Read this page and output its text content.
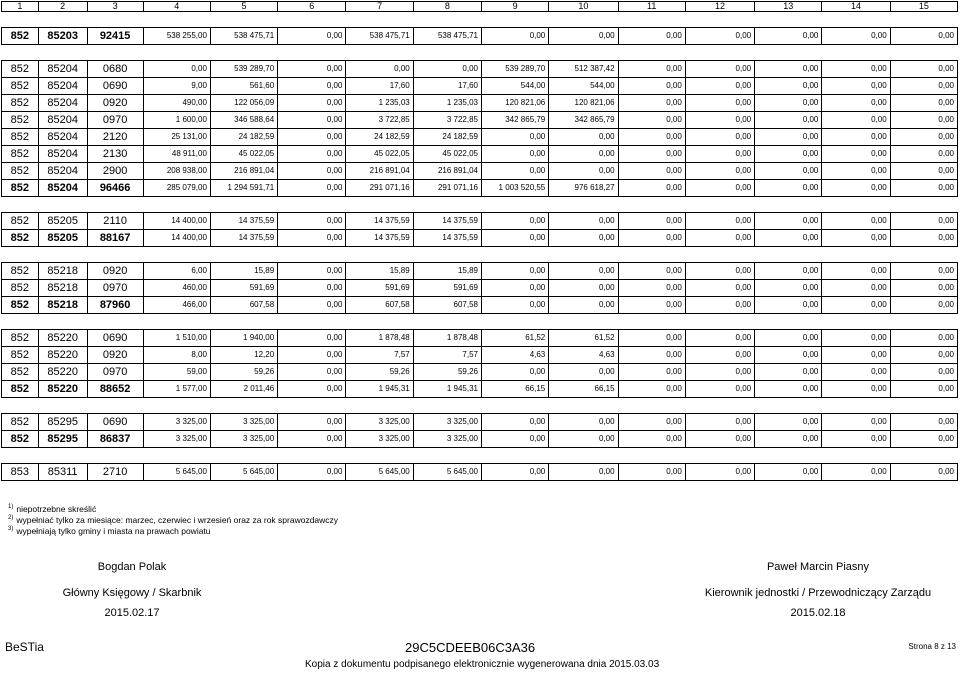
1	2	3	4	5	6	7	8	9	10	11	12	13	14	15

852	85203	92415	538 255,00	538 475,71	0,00	538 475,71	538 475,71	0,00	0,00	0,00	0,00	0,00	0,00	0,00

852	85204	0680	0,00	539 289,70	0,00	0,00	0,00	539 289,70	512 387,42	0,00	0,00	0,00	0,00	0,00
852	85204	0690	9,00	561,60	0,00	17,60	17,60	544,00	544,00	0,00	0,00	0,00	0,00	0,00
852	85204	0920	490,00	122 056,09	0,00	1 235,03	1 235,03	120 821,06	120 821,06	0,00	0,00	0,00	0,00	0,00
852	85204	0970	1 600,00	346 588,64	0,00	3 722,85	3 722,85	342 865,79	342 865,79	0,00	0,00	0,00	0,00	0,00
852	85204	2120	25 131,00	24 182,59	0,00	24 182,59	24 182,59	0,00	0,00	0,00	0,00	0,00	0,00	0,00
852	85204	2130	48 911,00	45 022,05	0,00	45 022,05	45 022,05	0,00	0,00	0,00	0,00	0,00	0,00	0,00
852	85204	2900	208 938,00	216 891,04	0,00	216 891,04	216 891,04	0,00	0,00	0,00	0,00	0,00	0,00	0,00
852	85204	96466	285 079,00	1 294 591,71	0,00	291 071,16	291 071,16	1 003 520,55	976 618,27	0,00	0,00	0,00	0,00	0,00

852	85205	2110	14 400,00	14 375,59	0,00	14 375,59	14 375,59	0,00	0,00	0,00	0,00	0,00	0,00	0,00
852	85205	88167	14 400,00	14 375,59	0,00	14 375,59	14 375,59	0,00	0,00	0,00	0,00	0,00	0,00	0,00

852	85218	0920	6,00	15,89	0,00	15,89	15,89	0,00	0,00	0,00	0,00	0,00	0,00	0,00
852	85218	0970	460,00	591,69	0,00	591,69	591,69	0,00	0,00	0,00	0,00	0,00	0,00	0,00
852	85218	87960	466,00	607,58	0,00	607,58	607,58	0,00	0,00	0,00	0,00	0,00	0,00	0,00

852	85220	0690	1 510,00	1 940,00	0,00	1 878,48	1 878,48	61,52	61,52	0,00	0,00	0,00	0,00	0,00
852	85220	0920	8,00	12,20	0,00	7,57	7,57	4,63	4,63	0,00	0,00	0,00	0,00	0,00
852	85220	0970	59,00	59,26	0,00	59,26	59,26	0,00	0,00	0,00	0,00	0,00	0,00	0,00
852	85220	88652	1 577,00	2 011,46	0,00	1 945,31	1 945,31	66,15	66,15	0,00	0,00	0,00	0,00	0,00

852	85295	0690	3 325,00	3 325,00	0,00	3 325,00	3 325,00	0,00	0,00	0,00	0,00	0,00	0,00	0,00
852	85295	86837	3 325,00	3 325,00	0,00	3 325,00	3 325,00	0,00	0,00	0,00	0,00	0,00	0,00	0,00

853	85311	2710	5 645,00	5 645,00	0,00	5 645,00	5 645,00	0,00	0,00	0,00	0,00	0,00	0,00	0,00
$^{1)}$ niepotrzebne skreślić
$^{2)}$ wypełniać tylko za miesiące: marzec, czerwiec i wrzesień oraz za rok sprawozdawczy
$^{3)}$ wypełniają tylko gminy i miasta na prawach powiatu
Bogdan Polak
Główny Księgowy / Skarbnik
2015.02.17
Paweł Marcin Piasny
Kierownik jednostki / Przewodniczący Zarządu
2015.02.18
BeSTia	29C5CDEEB06C3A36	Strona 8 z 13
Kopia z dokumentu podpisanego elektronicznie wygenerowana dnia 2015.03.03
